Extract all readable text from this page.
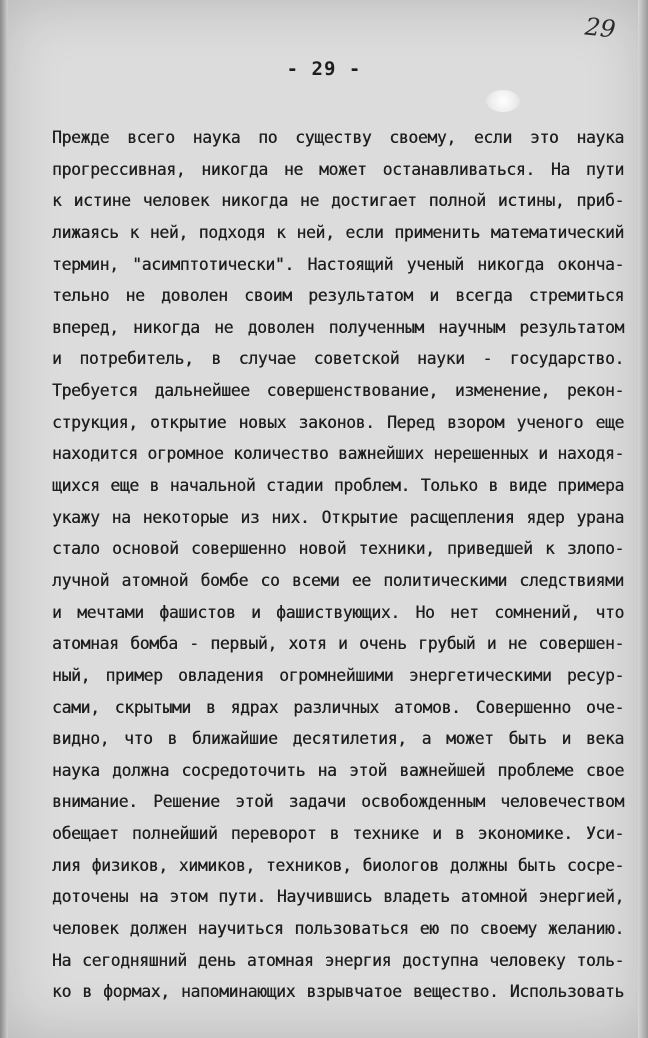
29
- 29 -
Прежде всего наука по существу своему, если это наука
прогрессивная, никогда не может останавливаться. На пути
к истине человек никогда не достигает полной истины, приб-
лижаясь к ней, подходя к ней, если применить математический
термин, "асимптотически". Настоящий ученый никогда оконча-
тельно не доволен своим результатом и всегда стремиться
вперед, никогда не доволен полученным научным результатом
и потребитель, в случае советской науки - государство.
Требуется дальнейшее совершенствование, изменение, рекон-
струкция, открытие новых законов. Перед взором ученого еще
находится огромное количество важнейших нерешенных и находя-
щихся еще в начальной стадии проблем. Только в виде примера
укажу на некоторые из них. Открытие расщепления ядер урана
стало основой совершенно новой техники, приведшей к злопо-
лучной атомной бомбе со всеми ее политическими следствиями
и мечтами фашистов и фашиствующих. Но нет сомнений, что
атомная бомба - первый, хотя и очень грубый и не совершен-
ный, пример овладения огромнейшими энергетическими ресур-
сами, скрытыми в ядрах различных атомов. Совершенно оче-
видно, что в ближайшие десятилетия, а может быть и века
наука должна сосредоточить на этой важнейшей проблеме свое
внимание. Решение этой задачи освобожденным человечеством
обещает полнейший переворот в технике и в экономике. Уси-
лия физиков, химиков, техников, биологов должны быть сосре-
доточены на этом пути. Научившись владеть атомной энергией,
человек должен научиться пользоваться ею по своему желанию.
На сегодняшний день атомная энергия доступна человеку толь-
ко в формах, напоминающих взрывчатое вещество. Использовать
